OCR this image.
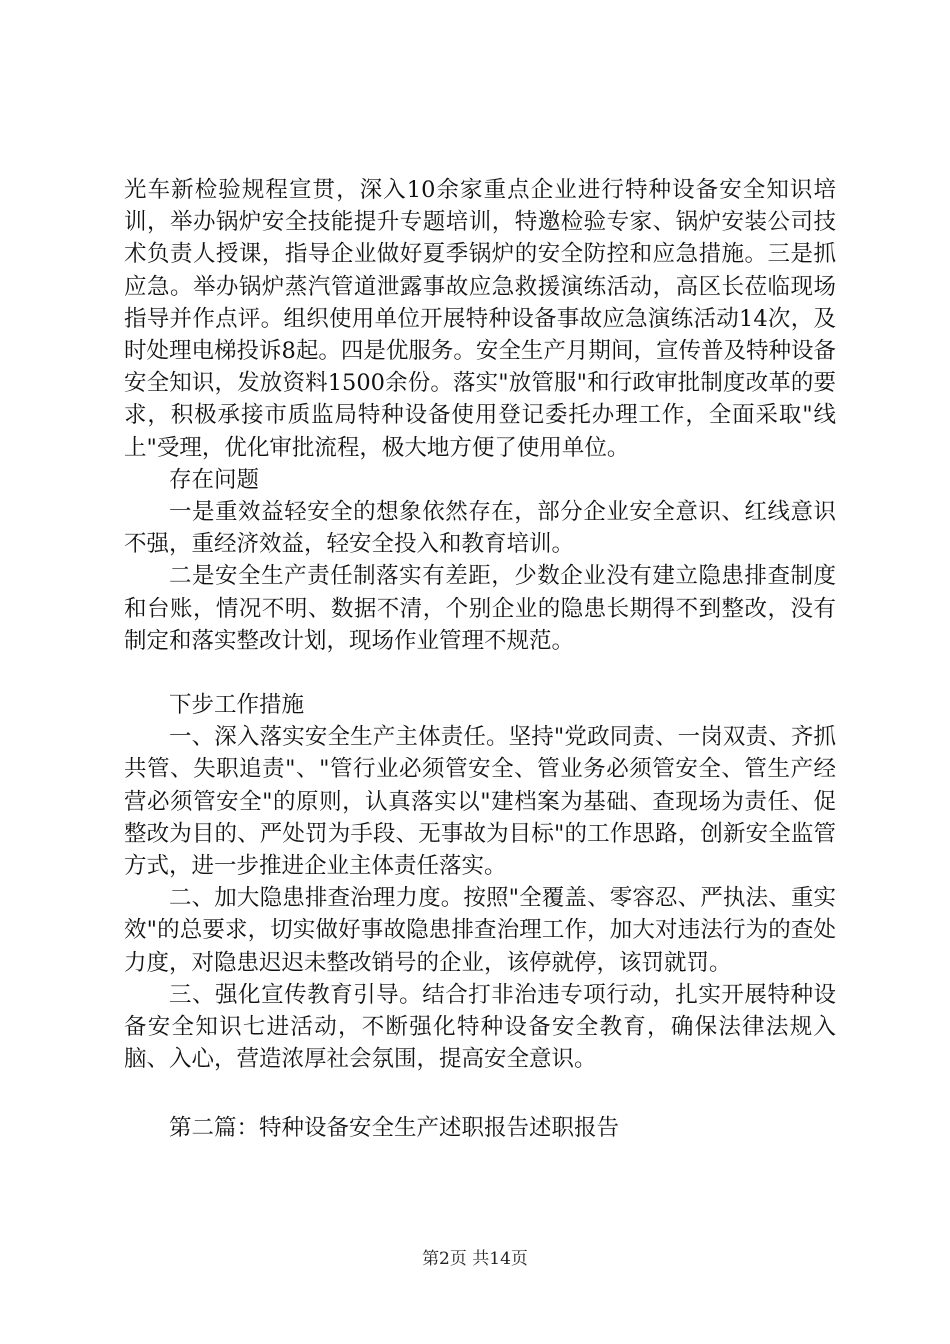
光车新检验规程宣贯，深入10余家重点企业进行特种设备安全知识培训，举办锅炉安全技能提升专题培训，特邀检验专家、锅炉安装公司技术负责人授课，指导企业做好夏季锅炉的安全防控和应急措施。三是抓应急。举办锅炉蒸汽管道泄露事故应急救援演练活动，高区长莅临现场指导并作点评。组织使用单位开展特种设备事故应急演练活动14次，及时处理电梯投诉8起。四是优服务。安全生产月期间，宣传普及特种设备安全知识，发放资料1500余份。落实"放管服"和行政审批制度改革的要求，积极承接市质监局特种设备使用登记委托办理工作，全面采取"线上"受理，优化审批流程，极大地方便了使用单位。

存在问题

一是重效益轻安全的想象依然存在，部分企业安全意识、红线意识不强，重经济效益，轻安全投入和教育培训。

二是安全生产责任制落实有差距，少数企业没有建立隐患排查制度和台账，情况不明、数据不清，个别企业的隐患长期得不到整改，没有制定和落实整改计划，现场作业管理不规范。

下步工作措施

一、深入落实安全生产主体责任。坚持"党政同责、一岗双责、齐抓共管、失职追责"、"管行业必须管安全、管业务必须管安全、管生产经营必须管安全"的原则，认真落实以"建档案为基础、查现场为责任、促整改为目的、严处罚为手段、无事故为目标"的工作思路，创新安全监管方式，进一步推进企业主体责任落实。

二、加大隐患排查治理力度。按照"全覆盖、零容忍、严执法、重实效"的总要求，切实做好事故隐患排查治理工作，加大对违法行为的查处力度，对隐患迟迟未整改销号的企业，该停就停，该罚就罚。

三、强化宣传教育引导。结合打非治违专项行动，扎实开展特种设备安全知识七进活动，不断强化特种设备安全教育，确保法律法规入脑、入心，营造浓厚社会氛围，提高安全意识。

第二篇：特种设备安全生产述职报告述职报告

第2页 共14页
